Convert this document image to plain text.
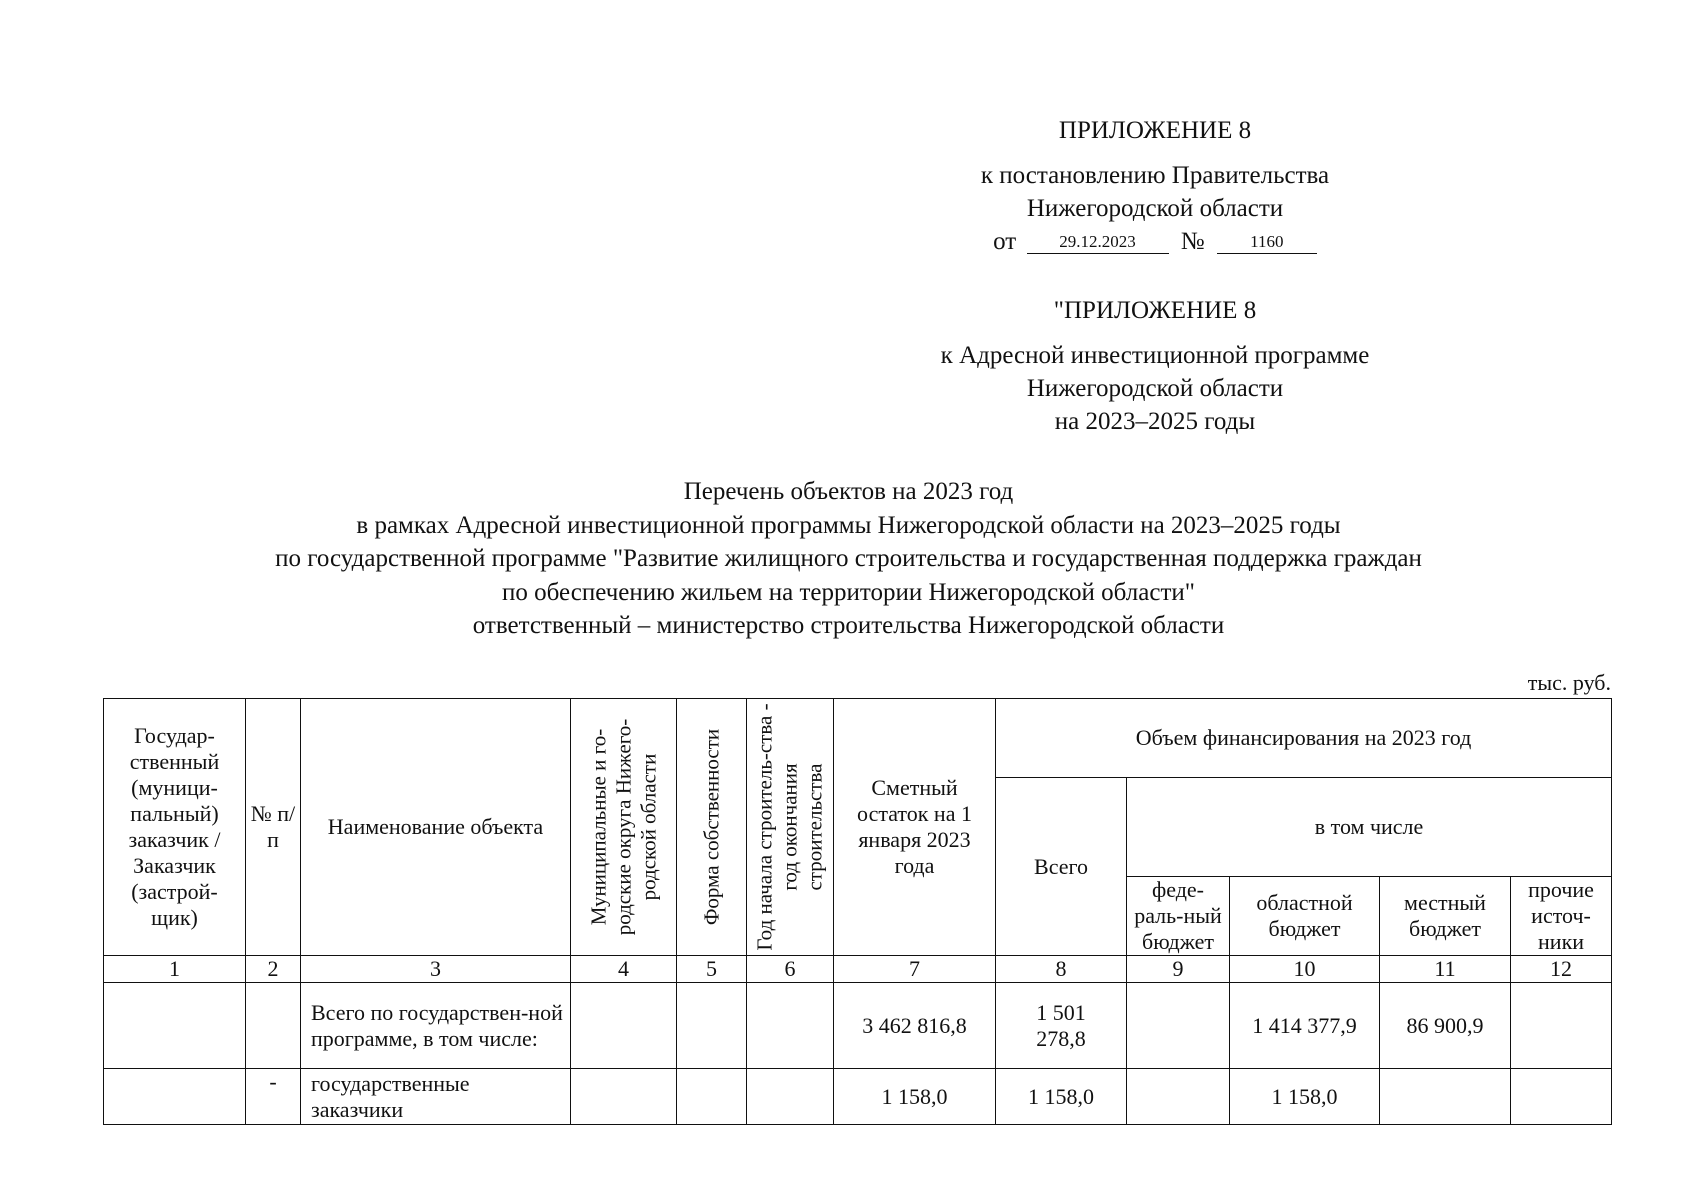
ПРИЛОЖЕНИЕ 8
к постановлению Правительства
Нижегородской области
от	29.12.2023 №	1160
"ПРИЛОЖЕНИЕ 8
к Адресной инвестиционной программе
Нижегородской области
на 2023–2025 годы
Перечень объектов на 2023 год
в рамках Адресной инвестиционной программы Нижегородской области на 2023–2025 годы
по государственной программе "Развитие жилищного строительства и государственная поддержка граждан
по обеспечению жильем на территории Нижегородской области"
ответственный – министерство строительства Нижегородской области
тыс. руб.
Государ-ственный (муници-пальный) заказчик / Заказчик (застрой-щик)	№ п/п	Наименование объекта	Муниципальные и го-родские округа Нижего-родской области	Форма собственности	Год начала строитель-ства - год окончания строительства	Сметный остаток на 1 января 2023 года	Объем финансирования на 2023 год				
							Всего	в том числе			
								феде-раль-ный бюджет	областной бюджет	местный бюджет	прочие источ-ники
1	2	3	4	5	6	7	8	9	10	11	12
		Всего по государствен-ной программе, в том числе:				3 462 816,8	1 501 278,8		1 414 377,9	86 900,9	
	-	государственные заказчики				1 158,0	1 158,0		1 158,0		
